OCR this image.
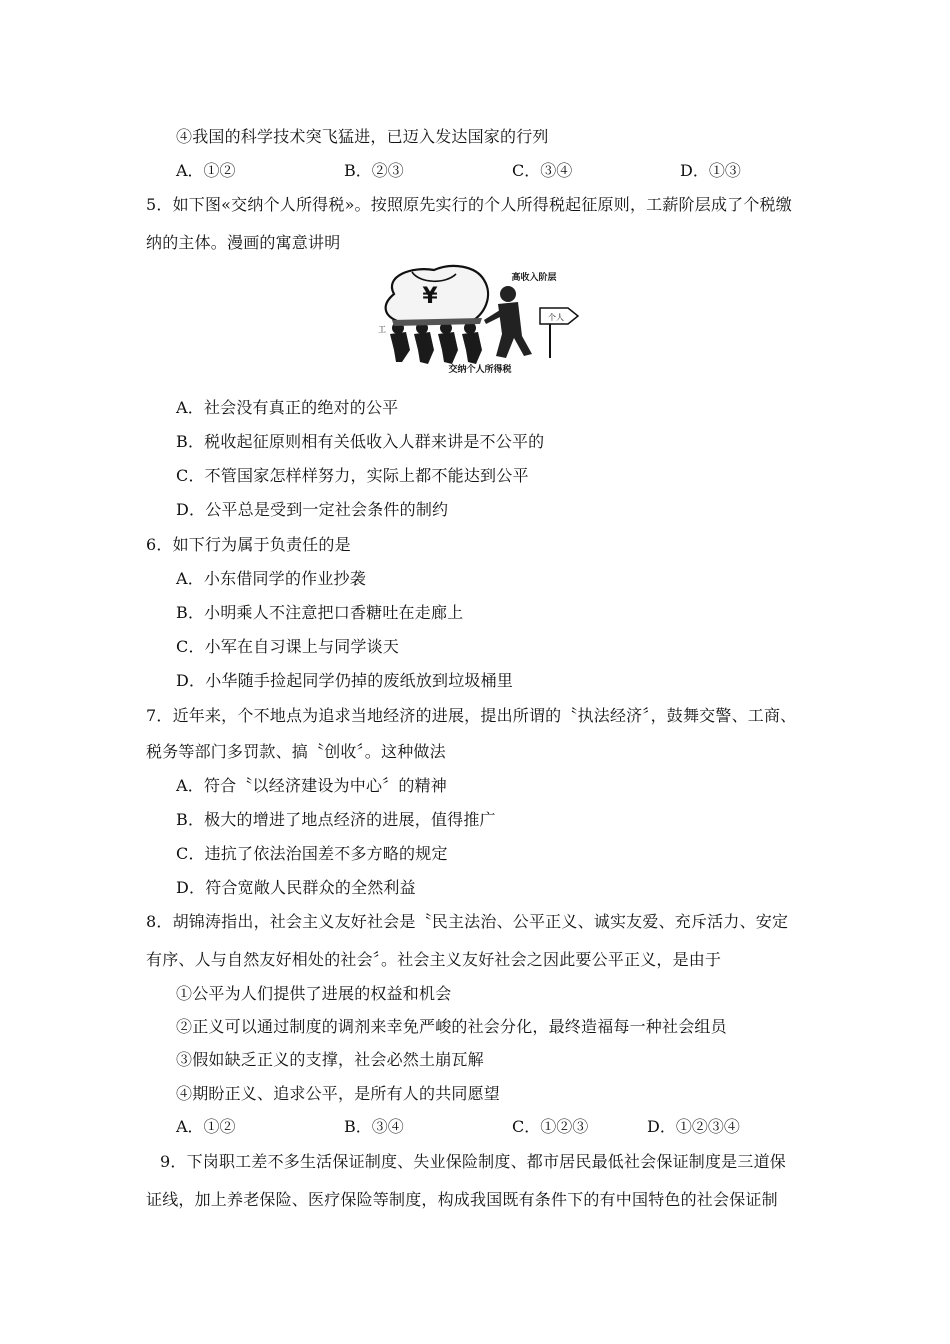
④我国的科学技术突飞猛进，已迈入发达国家的行列
A．①②	B．②③	C．③④	D．①③
5．如下图«交纳个人所得税»。按照原先实行的个人所得税起征原则，工薪阶层成了个税缴
纳的主体。漫画的寓意讲明
¥
个人
高收入阶层
工
交纳个人所得税
A．社会没有真正的绝对的公平
B．税收起征原则相有关低收入人群来讲是不公平的
C．不管国家怎样样努力，实际上都不能达到公平
D．公平总是受到一定社会条件的制约
6．如下行为属于负责任的是
A．小东借同学的作业抄袭
B．小明乘人不注意把口香糖吐在走廊上
C．小军在自习课上与同学谈天
D．小华随手捡起同学仍掉的废纸放到垃圾桶里
7．近年来，个不地点为追求当地经济的进展，提出所谓的〝执法经济〞，鼓舞交警、工商、
税务等部门多罚款、搞〝创收〞。这种做法
A．符合〝以经济建设为中心〞的精神
B．极大的增进了地点经济的进展，值得推广
C．违抗了依法治国差不多方略的规定
D．符合宽敞人民群众的全然利益
8．胡锦涛指出，社会主义友好社会是〝民主法治、公平正义、诚实友爱、充斥活力、安定
有序、人与自然友好相处的社会〞。社会主义友好社会之因此要公平正义，是由于
①公平为人们提供了进展的权益和机会
②正义可以通过制度的调剂来幸免严峻的社会分化，最终造福每一种社会组员
③假如缺乏正义的支撑，社会必然土崩瓦解
④期盼正义、追求公平，是所有人的共同愿望
A．①②	B．③④	C．①②③	D．①②③④
9．下岗职工差不多生活保证制度、失业保险制度、都市居民最低社会保证制度是三道保
证线，加上养老保险、医疗保险等制度，构成我国既有条件下的有中国特色的社会保证制
